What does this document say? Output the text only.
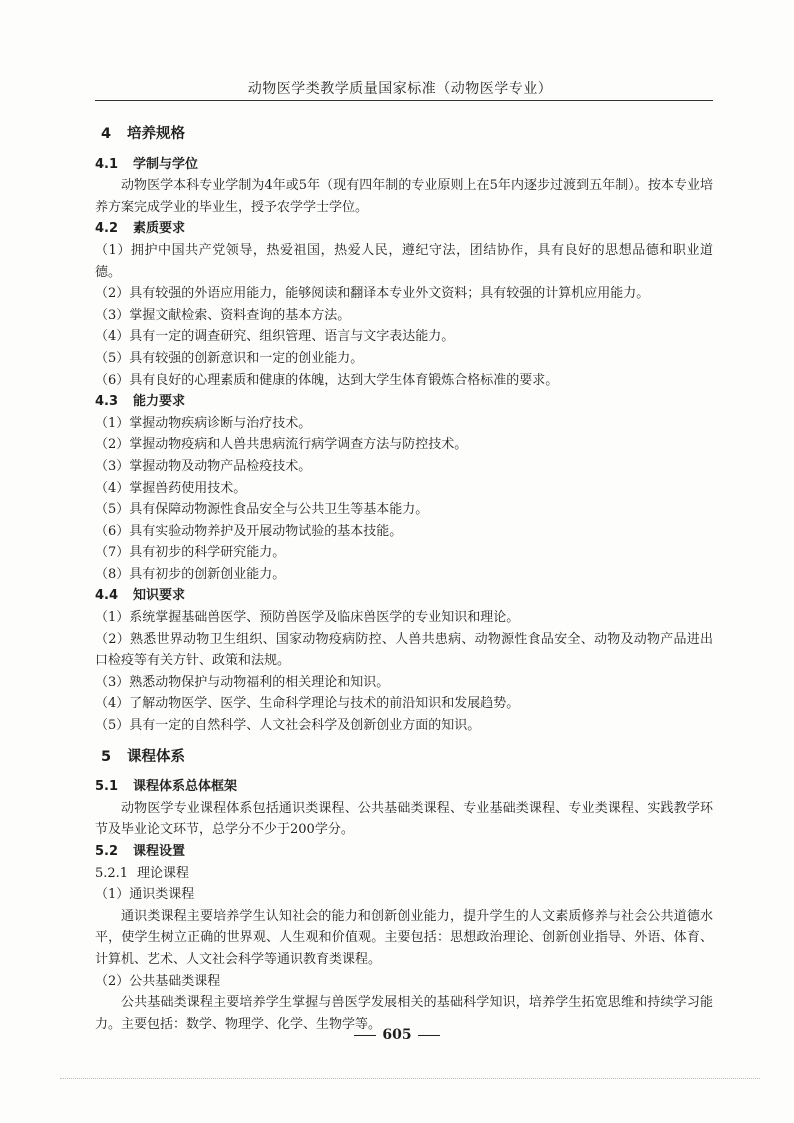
动物医学类教学质量国家标准（动物医学专业）
4 培养规格
4.1 学制与学位

动物医学本科专业学制为4年或5年（现有四年制的专业原则上在5年内逐步过渡到五年制）。按本专业培养方案完成学业的毕业生，授予农学学士学位。

4.2 素质要求

（1）拥护中国共产党领导，热爱祖国，热爱人民，遵纪守法，团结协作，具有良好的思想品德和职业道德。

（2）具有较强的外语应用能力，能够阅读和翻译本专业外文资料；具有较强的计算机应用能力。

（3）掌握文献检索、资料查询的基本方法。

（4）具有一定的调查研究、组织管理、语言与文字表达能力。

（5）具有较强的创新意识和一定的创业能力。

（6）具有良好的心理素质和健康的体魄，达到大学生体育锻炼合格标准的要求。

4.3 能力要求

（1）掌握动物疾病诊断与治疗技术。

（2）掌握动物疫病和人兽共患病流行病学调查方法与防控技术。

（3）掌握动物及动物产品检疫技术。

（4）掌握兽药使用技术。

（5）具有保障动物源性食品安全与公共卫生等基本能力。

（6）具有实验动物养护及开展动物试验的基本技能。

（7）具有初步的科学研究能力。

（8）具有初步的创新创业能力。

4.4 知识要求

（1）系统掌握基础兽医学、预防兽医学及临床兽医学的专业知识和理论。

（2）熟悉世界动物卫生组织、国家动物疫病防控、人兽共患病、动物源性食品安全、动物及动物产品进出口检疫等有关方针、政策和法规。

（3）熟悉动物保护与动物福利的相关理论和知识。

（4）了解动物医学、医学、生命科学理论与技术的前沿知识和发展趋势。

（5）具有一定的自然科学、人文社会科学及创新创业方面的知识。

5 课程体系
5.1 课程体系总体框架

动物医学专业课程体系包括通识类课程、公共基础类课程、专业基础类课程、专业类课程、实践教学环节及毕业论文环节，总学分不少于200学分。

5.2 课程设置

5.2.1 理论课程

（1）通识类课程

通识类课程主要培养学生认知社会的能力和创新创业能力，提升学生的人文素质修养与社会公共道德水平，使学生树立正确的世界观、人生观和价值观。主要包括：思想政治理论、创新创业指导、外语、体育、计算机、艺术、人文社会科学等通识教育类课程。

（2）公共基础类课程

公共基础类课程主要培养学生掌握与兽医学发展相关的基础科学知识，培养学生拓宽思维和持续学习能力。主要包括：数学、物理学、化学、生物学等。

605
